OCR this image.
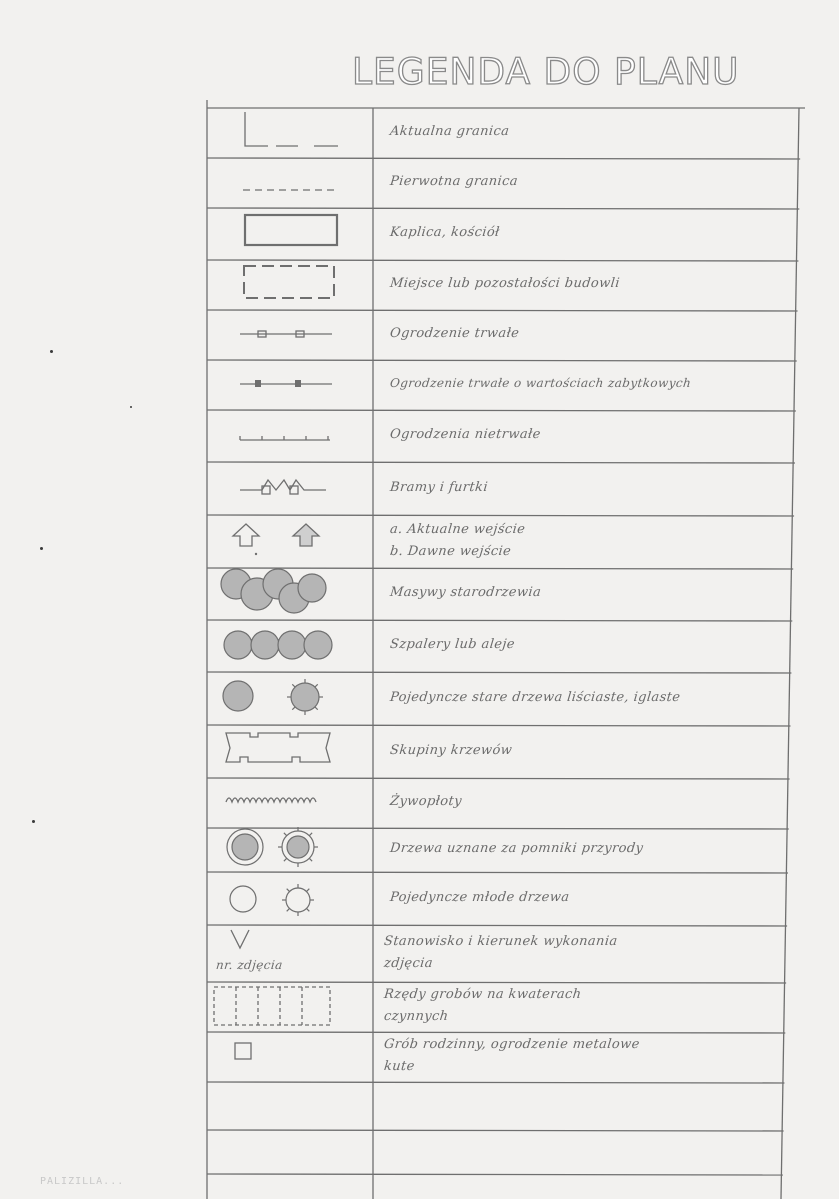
LEGENDA DO PLANU
Aktualna granica
Pierwotna granica
Kaplica, kościół
Miejsce lub pozostałości budowli
Ogrodzenie trwałe
Ogrodzenie trwałe o wartościach zabytkowych
Ogrodzenia nietrwałe
Bramy i furtki
a. Aktualne wejście
b. Dawne wejście
Masywy starodrzewia
Szpalery lub aleje
Pojedyncze stare drzewa liściaste, iglaste
Skupiny krzewów
Żywopłoty
Drzewa uznane za pomniki przyrody
Pojedyncze młode drzewa
Stanowisko i kierunek wykonania
zdjęcia
nr. zdjęcia
Rzędy grobów na kwaterach
czynnych
Grób rodzinny, ogrodzenie metalowe
kute
PALIZILLA...
